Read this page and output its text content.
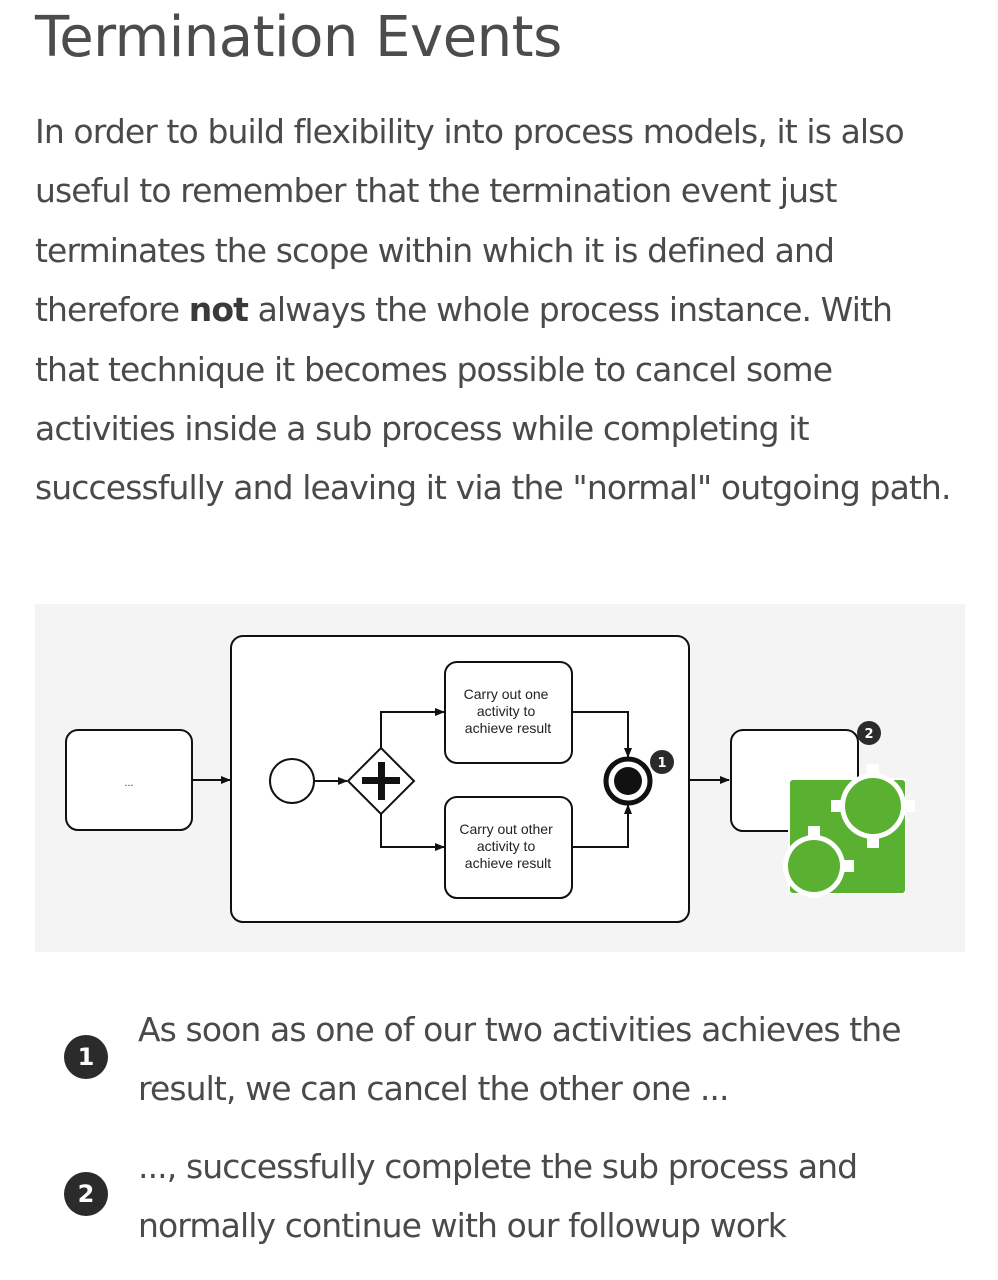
Termination Events

In order to build flexibility into process models, it is also useful to remember that the termination event just terminates the scope within which it is defined and therefore not always the whole process instance. With that technique it becomes possible to cancel some activities inside a sub process while completing it successfully and leaving it via the "normal" outgoing path.

...
Carry out one activity to achieve result
Carry out other activity to achieve result
1
2
1

As soon as one of our two activities achieves the result, we can cancel the other one ...

2

..., successfully complete the sub process and normally continue with our followup work
